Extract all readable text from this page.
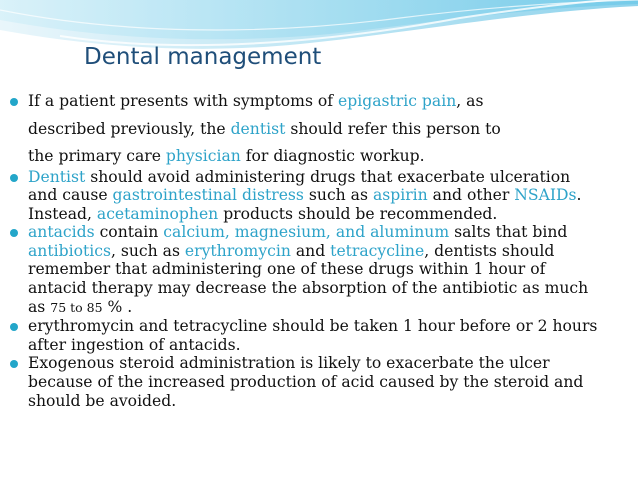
Dental management
If a patient presents with symptoms of epigastric pain, as
described previously, the dentist should refer this person to
the primary care physician for diagnostic workup.
Dentist should avoid administering drugs that exacerbate ulceration
and cause gastrointestinal distress such as aspirin and other NSAIDs.
Instead, acetaminophen products should be recommended.
antacids contain calcium, magnesium, and aluminum salts that bind
antibiotics, such as erythromycin and tetracycline, dentists should
remember that administering one of these drugs within 1 hour of
antacid therapy may decrease the absorption of the antibiotic as much
as 75 to 85 % .
erythromycin and tetracycline should be taken 1 hour before or 2 hours
after ingestion of antacids.
Exogenous steroid administration is likely to exacerbate the ulcer
because of the increased production of acid caused by the steroid and
should be avoided.
